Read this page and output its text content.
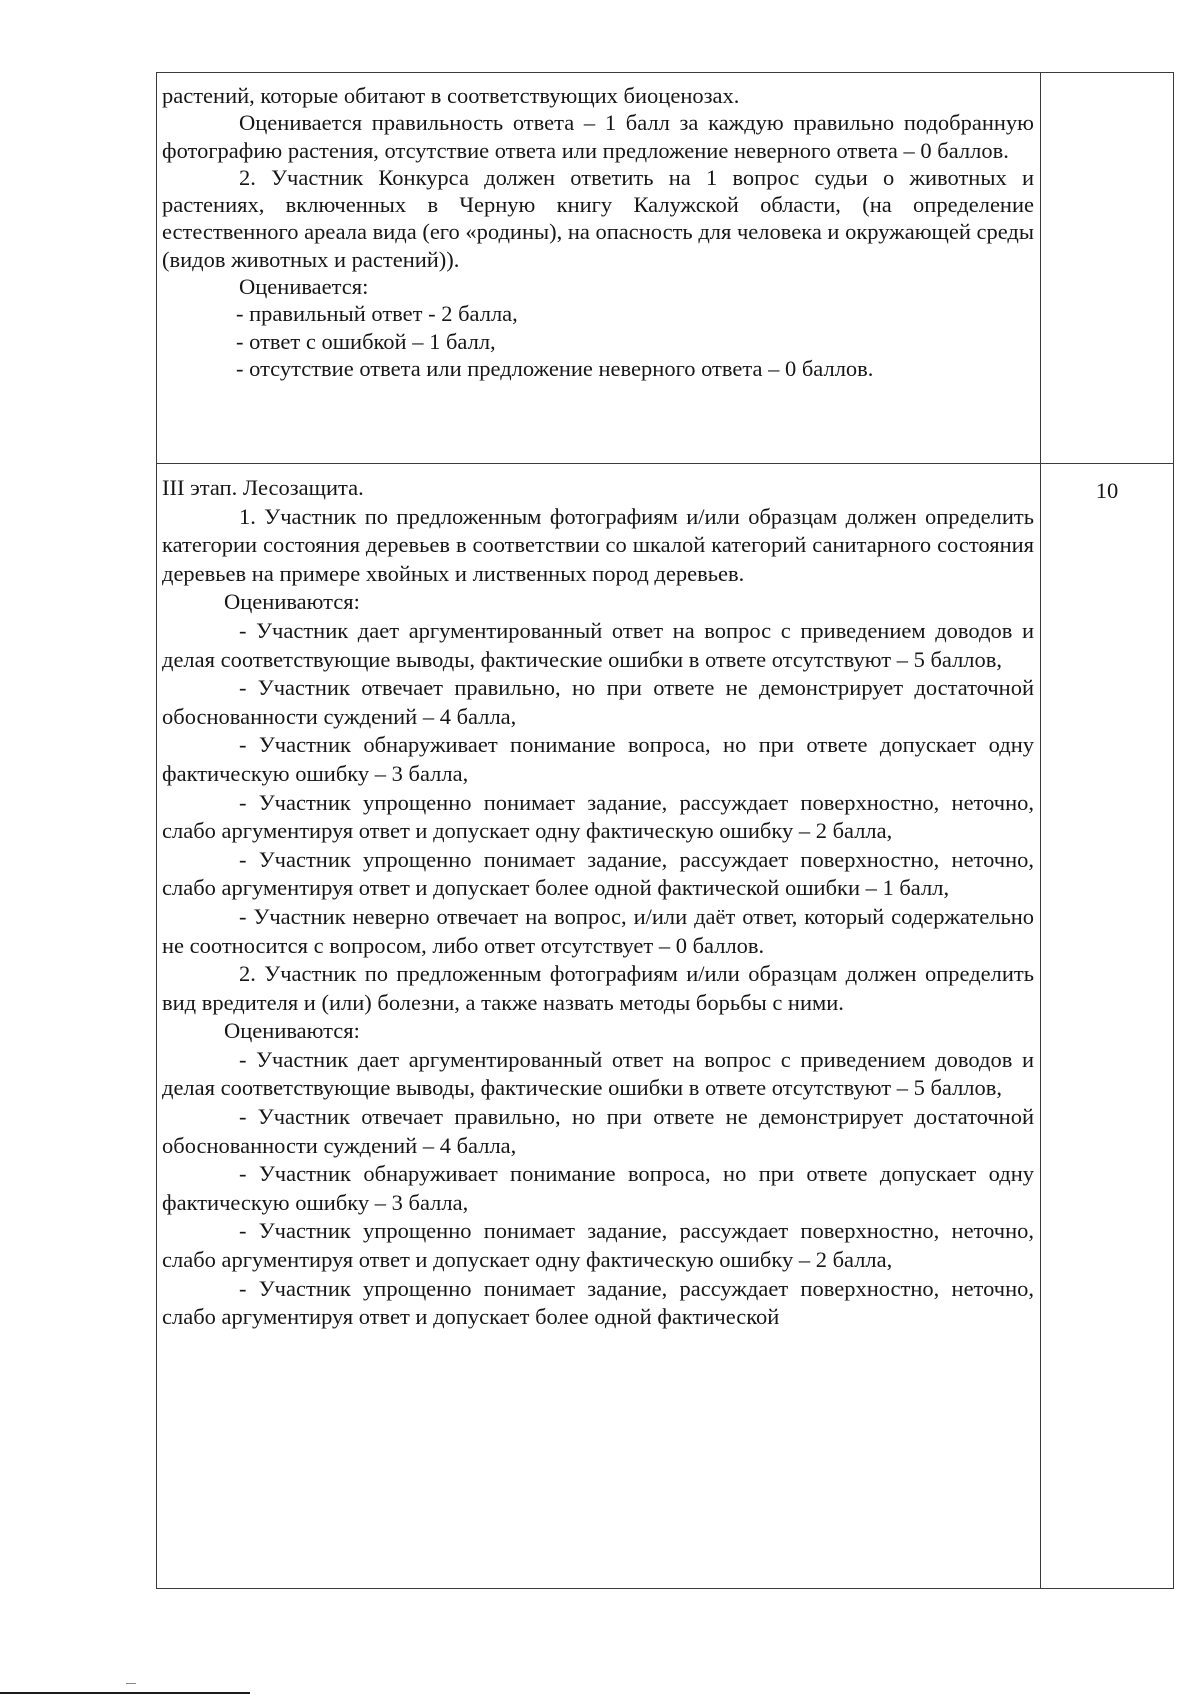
растений, которые обитают в соответствующих биоценозах.

Оценивается правильность ответа – 1 балл за каждую правильно подобранную фотографию растения, отсутствие ответа или предложение неверного ответа – 0 баллов.

2. Участник Конкурса должен ответить на 1 вопрос судьи о животных и растениях, включенных в Черную книгу Калужской области, (на определение естественного ареала вида (его «родины), на опасность для человека и окружающей среды (видов животных и растений)).

Оценивается:

- правильный ответ - 2 балла,

- ответ с ошибкой – 1 балл,

- отсутствие ответа или предложение неверного ответа – 0 баллов.

III этап. Лесозащита.

1. Участник по предложенным фотографиям и/или образцам должен определить категории состояния деревьев в соответствии со шкалой категорий санитарного состояния деревьев на примере хвойных и лиственных пород деревьев.

Оцениваются:

- Участник дает аргументированный ответ на вопрос с приведением доводов и делая соответствующие выводы, фактические ошибки в ответе отсутствуют – 5 баллов,

- Участник отвечает правильно, но при ответе не демонстрирует достаточной обоснованности суждений – 4 балла,

- Участник обнаруживает понимание вопроса, но при ответе допускает одну фактическую ошибку – 3 балла,

- Участник упрощенно понимает задание, рассуждает поверхностно, неточно, слабо аргументируя ответ и допускает одну фактическую ошибку – 2 балла,

- Участник упрощенно понимает задание, рассуждает поверхностно, неточно, слабо аргументируя ответ и допускает более одной фактической ошибки – 1 балл,

- Участник неверно отвечает на вопрос, и/или даёт ответ, который содержательно не соотносится с вопросом, либо ответ отсутствует – 0 баллов.

2. Участник по предложенным фотографиям и/или образцам должен определить вид вредителя и (или) болезни, а также назвать методы борьбы с ними.

Оцениваются:

- Участник дает аргументированный ответ на вопрос с приведением доводов и делая соответствующие выводы, фактические ошибки в ответе отсутствуют – 5 баллов,

- Участник отвечает правильно, но при ответе не демонстрирует достаточной обоснованности суждений – 4 балла,

- Участник обнаруживает понимание вопроса, но при ответе допускает одну фактическую ошибку – 3 балла,

- Участник упрощенно понимает задание, рассуждает поверхностно, неточно, слабо аргументируя ответ и допускает одну фактическую ошибку – 2 балла,

- Участник упрощенно понимает задание, рассуждает поверхностно, неточно, слабо аргументируя ответ и допускает более одной фактической

10
